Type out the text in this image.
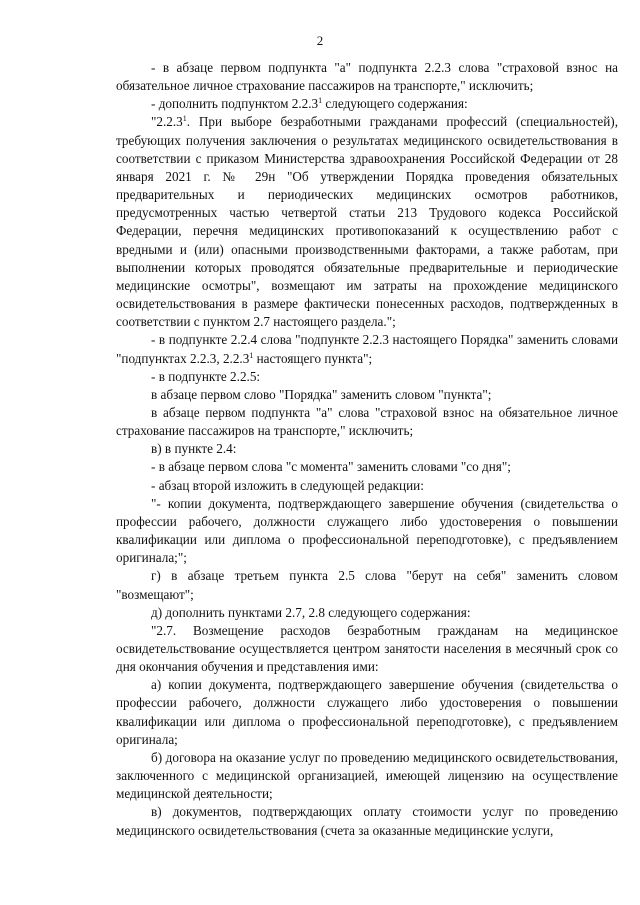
2

- в абзаце первом подпункта "а" подпункта 2.2.3 слова "страховой взнос на обязательное личное страхование пассажиров на транспорте," исключить;

- дополнить подпунктом 2.2.3$^1$ следующего содержания:

"2.2.3$^1$. При выборе безработными гражданами профессий (специальностей), требующих получения заключения о результатах медицинского освидетельствования в соответствии с приказом Министерства здравоохранения Российской Федерации от 28 января 2021 г. № 29н "Об утверждении Порядка проведения обязательных предварительных и периодических медицинских осмотров работников, предусмотренных частью четвертой статьи 213 Трудового кодекса Российской Федерации, перечня медицинских противопоказаний к осуществлению работ с вредными и (или) опасными производственными факторами, а также работам, при выполнении которых проводятся обязательные предварительные и периодические медицинские осмотры", возмещают им затраты на прохождение медицинского освидетельствования в размере фактически понесенных расходов, подтвержденных в соответствии с пунктом 2.7 настоящего раздела.";

- в подпункте 2.2.4 слова "подпункте 2.2.3 настоящего Порядка" заменить словами "подпунктах 2.2.3, 2.2.3$^1$ настоящего пункта";

- в подпункте 2.2.5:

в абзаце первом слово "Порядка" заменить словом "пункта";

в абзаце первом подпункта "а" слова "страховой взнос на обязательное личное страхование пассажиров на транспорте," исключить;

в) в пункте 2.4:

- в абзаце первом слова "с момента" заменить словами "со дня";

- абзац второй изложить в следующей редакции:

"- копии документа, подтверждающего завершение обучения (свидетельства о профессии рабочего, должности служащего либо удостоверения о повышении квалификации или диплома о профессиональной переподготовке), с предъявлением оригинала;";

г) в абзаце третьем пункта 2.5 слова "берут на себя" заменить словом "возмещают";

д) дополнить пунктами 2.7, 2.8 следующего содержания:

"2.7. Возмещение расходов безработным гражданам на медицинское освидетельствование осуществляется центром занятости населения в месячный срок со дня окончания обучения и представления ими:

а) копии документа, подтверждающего завершение обучения (свидетельства о профессии рабочего, должности служащего либо удостоверения о повышении квалификации или диплома о профессиональной переподготовке), с предъявлением оригинала;

б) договора на оказание услуг по проведению медицинского освидетельствования, заключенного с медицинской организацией, имеющей лицензию на осуществление медицинской деятельности;

в) документов, подтверждающих оплату стоимости услуг по проведению медицинского освидетельствования (счета за оказанные медицинские услуги,
